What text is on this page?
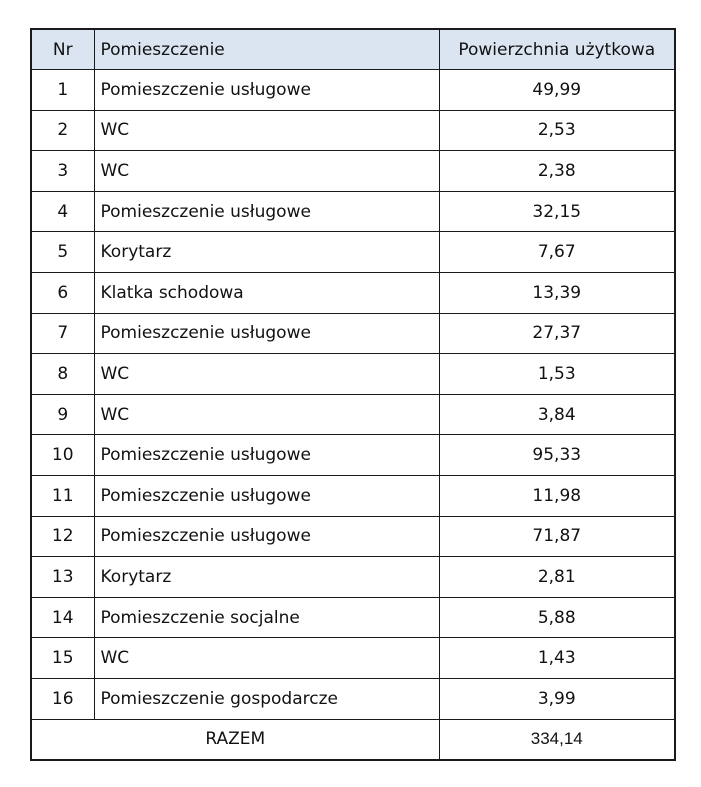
Nr	Pomieszczenie	Powierzchnia użytkowa
1	Pomieszczenie usługowe	49,99
2	WC	2,53
3	WC	2,38
4	Pomieszczenie usługowe	32,15
5	Korytarz	7,67
6	Klatka schodowa	13,39
7	Pomieszczenie usługowe	27,37
8	WC	1,53
9	WC	3,84
10	Pomieszczenie usługowe	95,33
11	Pomieszczenie usługowe	11,98
12	Pomieszczenie usługowe	71,87
13	Korytarz	2,81
14	Pomieszczenie socjalne	5,88
15	WC	1,43
16	Pomieszczenie gospodarcze	3,99
RAZEM		334,14
